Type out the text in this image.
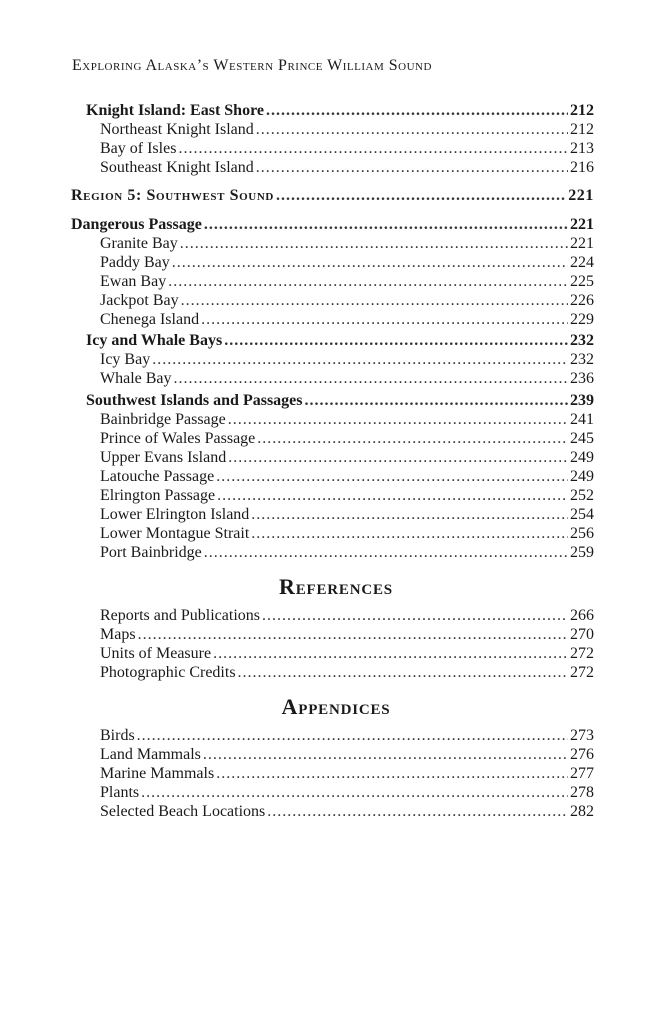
Exploring Alaska’s Western Prince William Sound
Knight Island: East Shore .....	212
Northeast Knight Island .....	212
Bay of Isles .....	213
Southeast Knight Island .....	216
Region 5: Southwest Sound .....	221
Dangerous Passage .....	221
Granite Bay .....	221
Paddy Bay .....	224
Ewan Bay .....	225
Jackpot Bay .....	226
Chenega Island .....	229
Icy and Whale Bays .....	232
Icy Bay .....	232
Whale Bay .....	236
Southwest Islands and Passages .....	239
Bainbridge Passage .....	241
Prince of Wales Passage .....	245
Upper Evans Island .....	249
Latouche Passage .....	249
Elrington Passage .....	252
Lower Elrington Island .....	254
Lower Montague Strait .....	256
Port Bainbridge .....	259
References
Reports and Publications .....	266
Maps .....	270
Units of Measure .....	272
Photographic Credits .....	272
Appendices
Birds .....	273
Land Mammals .....	276
Marine Mammals .....	277
Plants .....	278
Selected Beach Locations .....	282
